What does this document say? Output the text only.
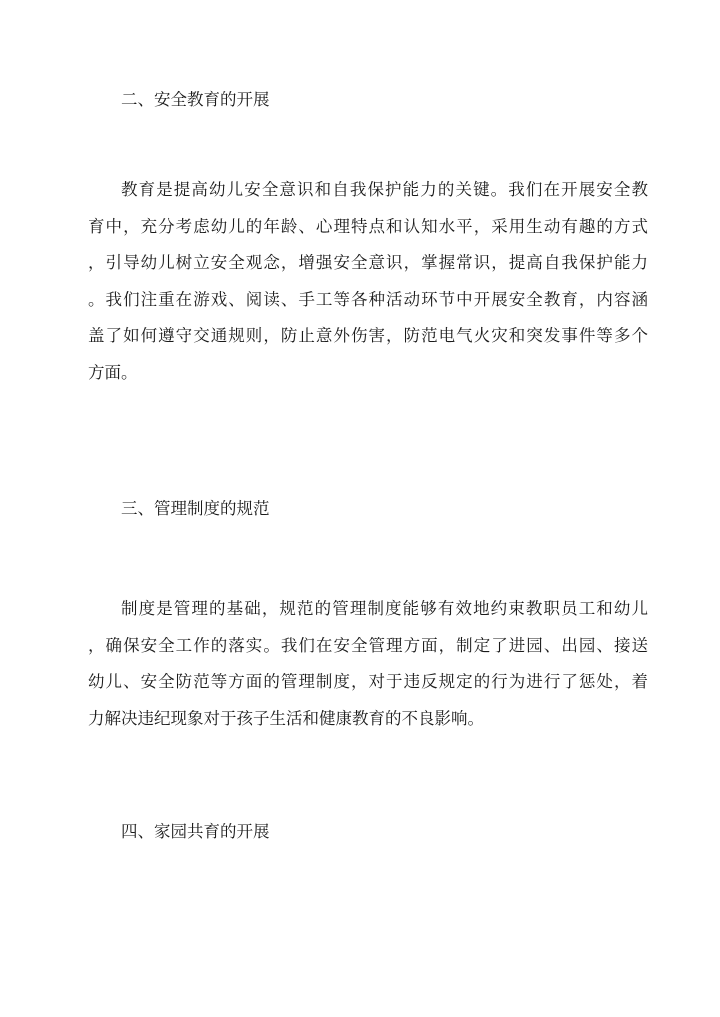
二、安全教育的开展
教育是提高幼儿安全意识和自我保护能力的关键。我们在开展安全教
育中，充分考虑幼儿的年龄、心理特点和认知水平，采用生动有趣的方式
，引导幼儿树立安全观念，增强安全意识，掌握常识，提高自我保护能力
。我们注重在游戏、阅读、手工等各种活动环节中开展安全教育，内容涵
盖了如何遵守交通规则，防止意外伤害，防范电气火灾和突发事件等多个
方面。
三、管理制度的规范
制度是管理的基础，规范的管理制度能够有效地约束教职员工和幼儿
，确保安全工作的落实。我们在安全管理方面，制定了进园、出园、接送
幼儿、安全防范等方面的管理制度，对于违反规定的行为进行了惩处，着
力解决违纪现象对于孩子生活和健康教育的不良影响。
四、家园共育的开展
